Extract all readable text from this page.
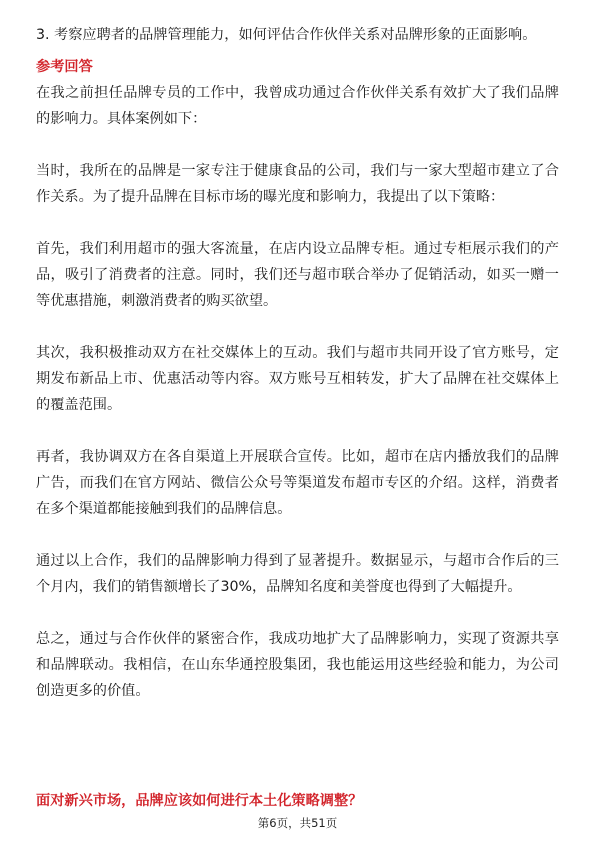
3. 考察应聘者的品牌管理能力，如何评估合作伙伴关系对品牌形象的正面影响。

参考回答

在我之前担任品牌专员的工作中，我曾成功通过合作伙伴关系有效扩大了我们品牌的影响力。具体案例如下：

当时，我所在的品牌是一家专注于健康食品的公司，我们与一家大型超市建立了合作关系。为了提升品牌在目标市场的曝光度和影响力，我提出了以下策略：

首先，我们利用超市的强大客流量，在店内设立品牌专柜。通过专柜展示我们的产品，吸引了消费者的注意。同时，我们还与超市联合举办了促销活动，如买一赠一等优惠措施，刺激消费者的购买欲望。

其次，我积极推动双方在社交媒体上的互动。我们与超市共同开设了官方账号，定期发布新品上市、优惠活动等内容。双方账号互相转发，扩大了品牌在社交媒体上的覆盖范围。

再者，我协调双方在各自渠道上开展联合宣传。比如，超市在店内播放我们的品牌广告，而我们在官方网站、微信公众号等渠道发布超市专区的介绍。这样，消费者在多个渠道都能接触到我们的品牌信息。

通过以上合作，我们的品牌影响力得到了显著提升。数据显示，与超市合作后的三个月内，我们的销售额增长了30%，品牌知名度和美誉度也得到了大幅提升。

总之，通过与合作伙伴的紧密合作，我成功地扩大了品牌影响力，实现了资源共享和品牌联动。我相信，在山东华通控股集团，我也能运用这些经验和能力，为公司创造更多的价值。

面对新兴市场，品牌应该如何进行本土化策略调整？
第6页，共51页
